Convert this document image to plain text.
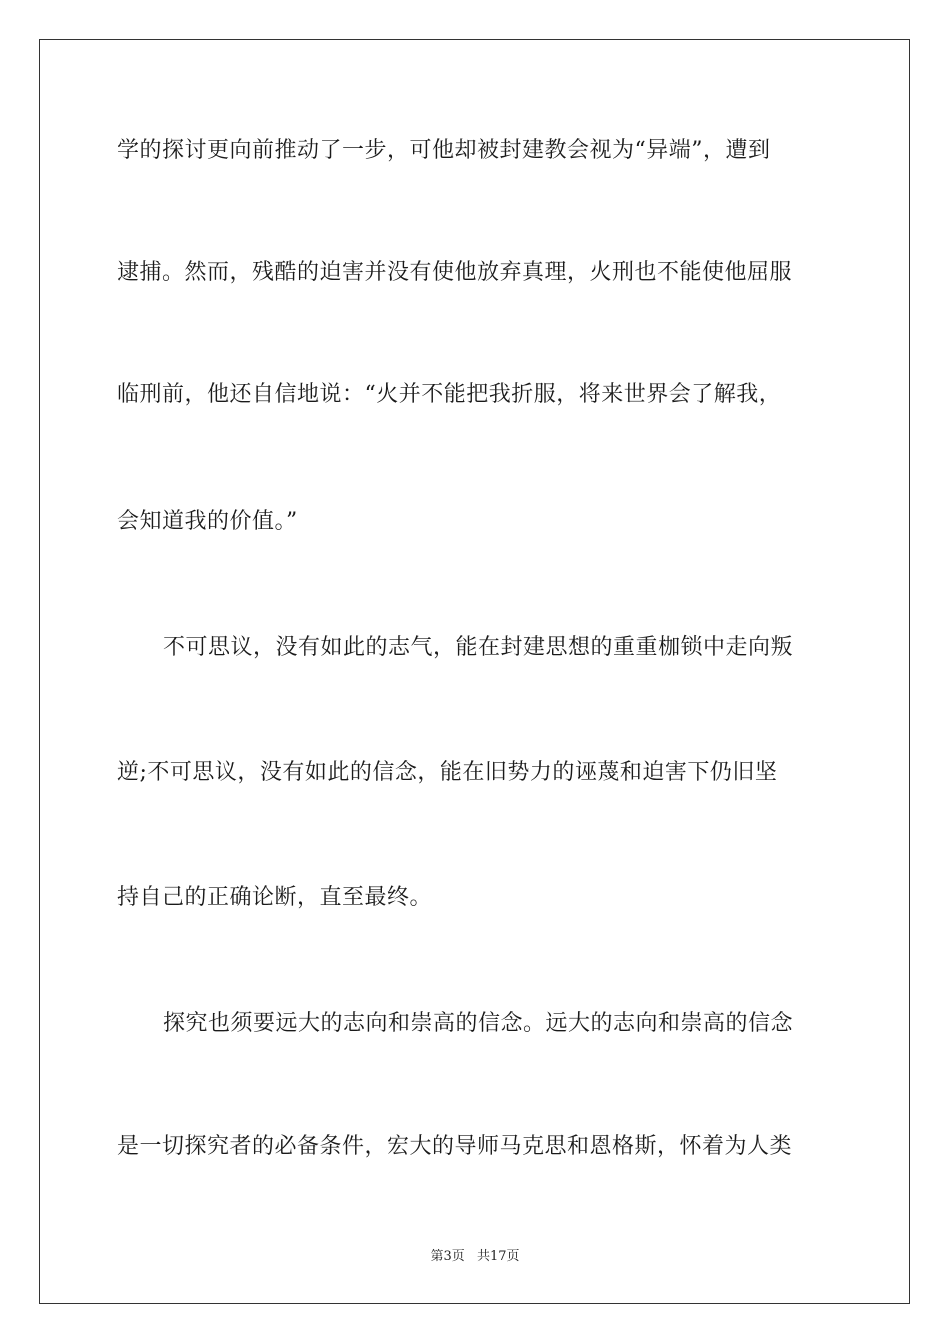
学的探讨更向前推动了一步，可他却被封建教会视为“异端”，遭到
逮捕。然而，残酷的迫害并没有使他放弃真理，火刑也不能使他屈服
临刑前，他还自信地说：“火并不能把我折服，将来世界会了解我，
会知道我的价值。”
不可思议，没有如此的志气，能在封建思想的重重枷锁中走向叛
逆;不可思议，没有如此的信念，能在旧势力的诬蔑和迫害下仍旧坚
持自己的正确论断，直至最终。
探究也须要远大的志向和崇高的信念。远大的志向和崇高的信念
是一切探究者的必备条件，宏大的导师马克思和恩格斯，怀着为人类
第3页 共17页
